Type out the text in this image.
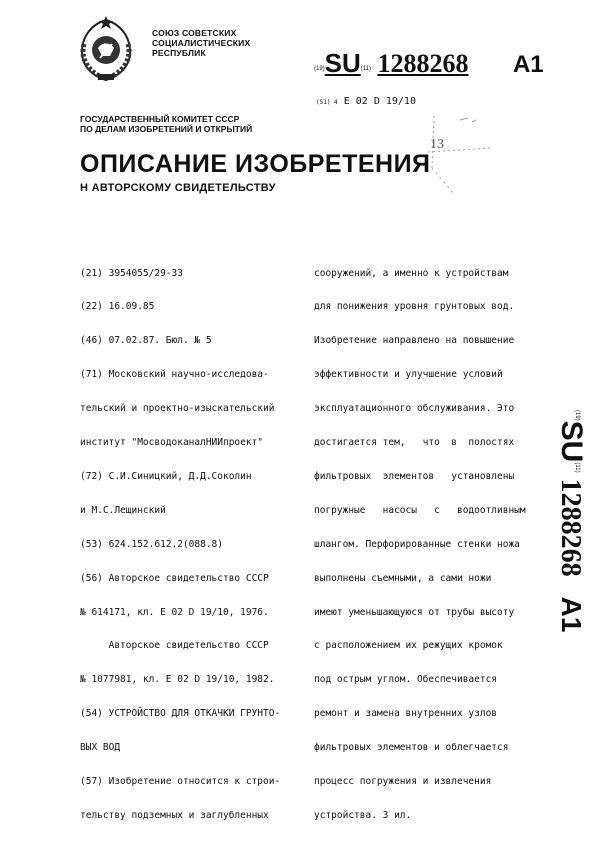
СОЮЗ СОВЕТСКИХ
СОЦИАЛИСТИЧЕСКИХ
РЕСПУБЛИК
(19)SU(11) 1288268 A1
(51) 4 E 02 D 19/10
ГОСУДАРСТВЕННЫЙ КОМИТЕТ СССР
ПО ДЕЛАМ ИЗОБРЕТЕНИЙ И ОТКРЫТИЙ
13
ОПИСАНИЕ ИЗОБРЕТЕНИЯ
Н АВТОРСКОМУ СВИДЕТЕЛЬСТВУ

(21) 3954055/29-33

(22) 16.09.85

(46) 07.02.87. Бюл. № 5

(71) Московский научно-исследова-

тельский и проектно-изыскательский

институт "МосводоканалНИИпроект"

(72) С.И.Синицкий, Д.Д.Соколин

и М.С.Лещинский

(53) 624.152.612.2(088.8)

(56) Авторское свидетельство СССР

№ 614171, кл. E 02 D 19/10, 1976.

Авторское свидетельство СССР

№ 1077981, кл. E 02 D 19/10, 1982.

(54) УСТРОЙСТВО ДЛЯ ОТКАЧКИ ГРУНТО-

ВЫХ ВОД

(57) Изобретение относится к строи-

тельству подземных и заглубленных

сооружений, а именно к устройствам

для понижения уровня грунтовых вод.

Изобретение направлено на повышение

эффективности и улучшение условий

эксплуатационного обслуживания. Это

достигается тем,   что  в  полостях

фильтровых  элементов   установлены

погружные   насосы   с   водоотливным

шлангом. Перфорированные стенки ножа

выполнены съемными, а сами ножи

имеют уменьшающуюся от трубы высоту

с расположением их режущих кромок

под острым углом. Обеспечивается

ремонт и замена внутренних узлов

фильтровых элементов и облегчается

процесс погружения и извлечения

устройства. 3 ил.

$^{(19)}$SU$^{(11)}$1288268A1
